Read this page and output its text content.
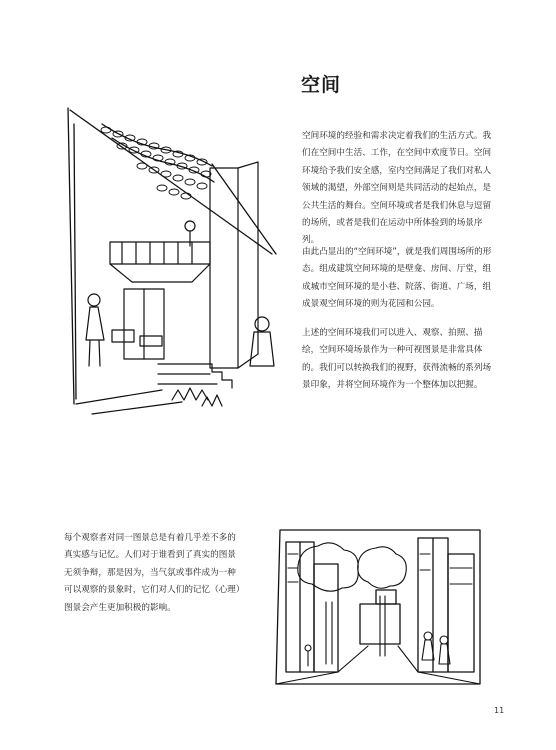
空间

空间环境的经验和需求决定着我们的生活方式。我们在空间中生活、工作，在空间中欢度节日。空间环境给予我们安全感，室内空间满足了我们对私人领域的渴望，外部空间则是共同活动的起始点，是公共生活的舞台。空间环境或者是我们休息与逗留的场所，或者是我们在运动中所体验到的场景序列。

由此凸显出的“空间环境”，就是我们周围场所的形态。组成建筑空间环境的是壁龛、房间、厅堂，组成城市空间环境的是小巷、院落、街道、广场，组成景观空间环境的则为花园和公园。

上述的空间环境我们可以进入、观察、拍照、描绘，空间环境场景作为一种可视图景是非常具体的。我们可以转换我们的视野，获得流畅的系列场景印象，并将空间环境作为一个整体加以把握。

每个观察者对同一图景总是有着几乎差不多的真实感与记忆。人们对于谁看到了真实的图景无须争辩，那是因为，当气氛或事件成为一种可以观察的景象时，它们对人们的记忆（心理）图景会产生更加积极的影响。

11
